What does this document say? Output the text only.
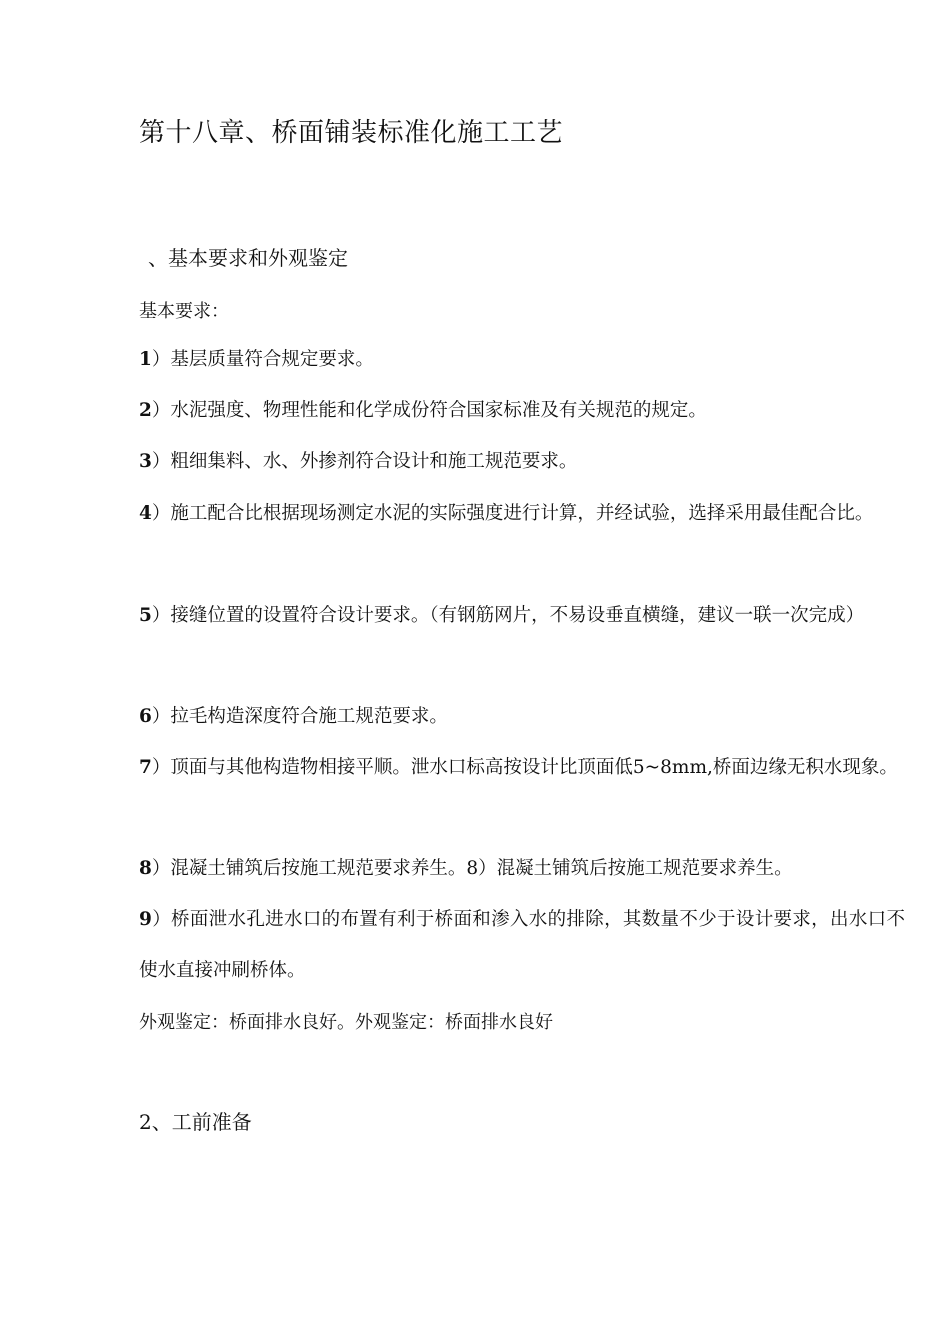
第十八章、桥面铺装标准化施工工艺
、基本要求和外观鉴定

基本要求：

1）基层质量符合规定要求。

2）水泥强度、物理性能和化学成份符合国家标准及有关规范的规定。

3）粗细集料、水、外掺剂符合设计和施工规范要求。

4）施工配合比根据现场测定水泥的实际强度进行计算，并经试验，选择采用最佳配合比。

5）接缝位置的设置符合设计要求。（有钢筋网片，不易设垂直横缝，建议一联一次完成）

6）拉毛构造深度符合施工规范要求。

7）顶面与其他构造物相接平顺。泄水口标高按设计比顶面低5~8mm,桥面边缘无积水现象。

8）混凝土铺筑后按施工规范要求养生。8）混凝土铺筑后按施工规范要求养生。

9）桥面泄水孔进水口的布置有利于桥面和渗入水的排除，其数量不少于设计要求，出水口不使水直接冲刷桥体。

外观鉴定：桥面排水良好。外观鉴定：桥面排水良好

2、工前准备
